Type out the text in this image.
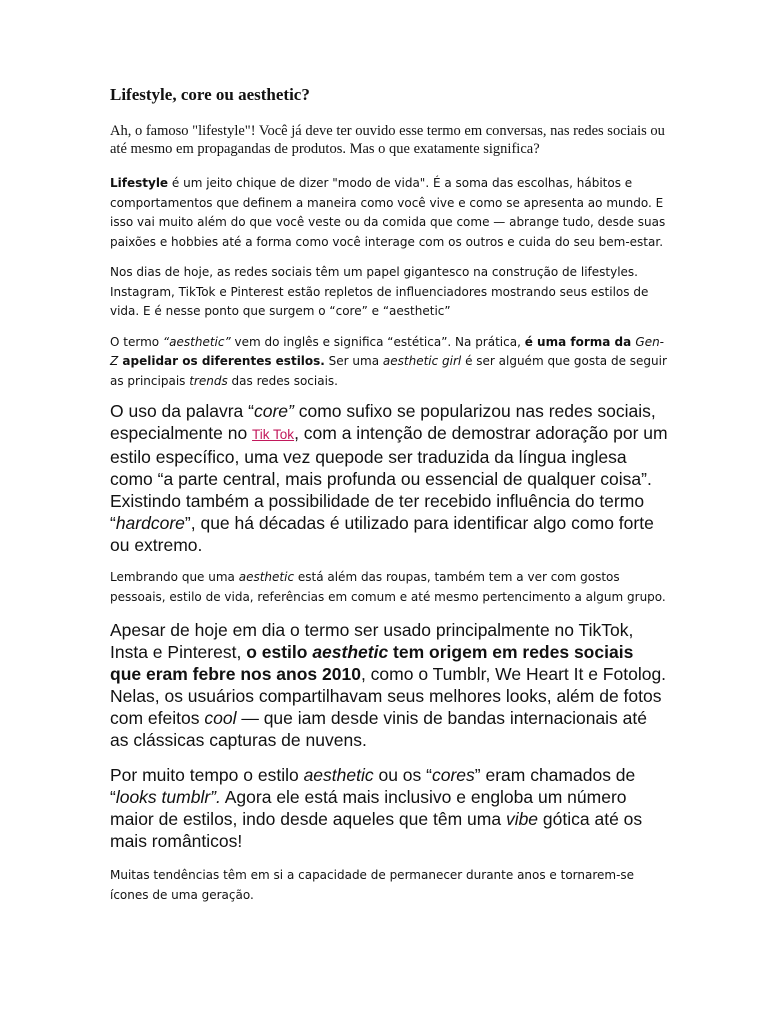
Lifestyle, core ou aesthetic?

Ah, o famoso "lifestyle"! Você já deve ter ouvido esse termo em conversas, nas redes sociais ou até mesmo em propagandas de produtos. Mas o que exatamente significa?

Lifestyle é um jeito chique de dizer "modo de vida". É a soma das escolhas, hábitos e comportamentos que definem a maneira como você vive e como se apresenta ao mundo. E isso vai muito além do que você veste ou da comida que come — abrange tudo, desde suas paixões e hobbies até a forma como você interage com os outros e cuida do seu bem-estar.

Nos dias de hoje, as redes sociais têm um papel gigantesco na construção de lifestyles. Instagram, TikTok e Pinterest estão repletos de influenciadores mostrando seus estilos de vida. E é nesse ponto que surgem o “core” e “aesthetic”

O termo “aesthetic” vem do inglês e significa “estética”. Na prática, é uma forma da Gen-Z apelidar os diferentes estilos. Ser uma aesthetic girl é ser alguém que gosta de seguir as principais trends das redes sociais.

O uso da palavra “core” como sufixo se popularizou nas redes sociais, especialmente no Tik Tok, com a intenção de demostrar adoração por um estilo específico, uma vez quepode ser traduzida da língua inglesa como “a parte central, mais profunda ou essencial de qualquer coisa”. Existindo também a possibilidade de ter recebido influência do termo “hardcore”, que há décadas é utilizado para identificar algo como forte ou extremo.

Lembrando que uma aesthetic está além das roupas, também tem a ver com gostos pessoais, estilo de vida, referências em comum e até mesmo pertencimento a algum grupo.

Apesar de hoje em dia o termo ser usado principalmente no TikTok, Insta e Pinterest, o estilo aesthetic tem origem em redes sociais que eram febre nos anos 2010, como o Tumblr, We Heart It e Fotolog. Nelas, os usuários compartilhavam seus melhores looks, além de fotos com efeitos cool — que iam desde vinis de bandas internacionais até as clássicas capturas de nuvens.

Por muito tempo o estilo aesthetic ou os “cores” eram chamados de “looks tumblr”. Agora ele está mais inclusivo e engloba um número maior de estilos, indo desde aqueles que têm uma vibe gótica até os mais românticos!

Muitas tendências têm em si a capacidade de permanecer durante anos e tornarem-se ícones de uma geração.
